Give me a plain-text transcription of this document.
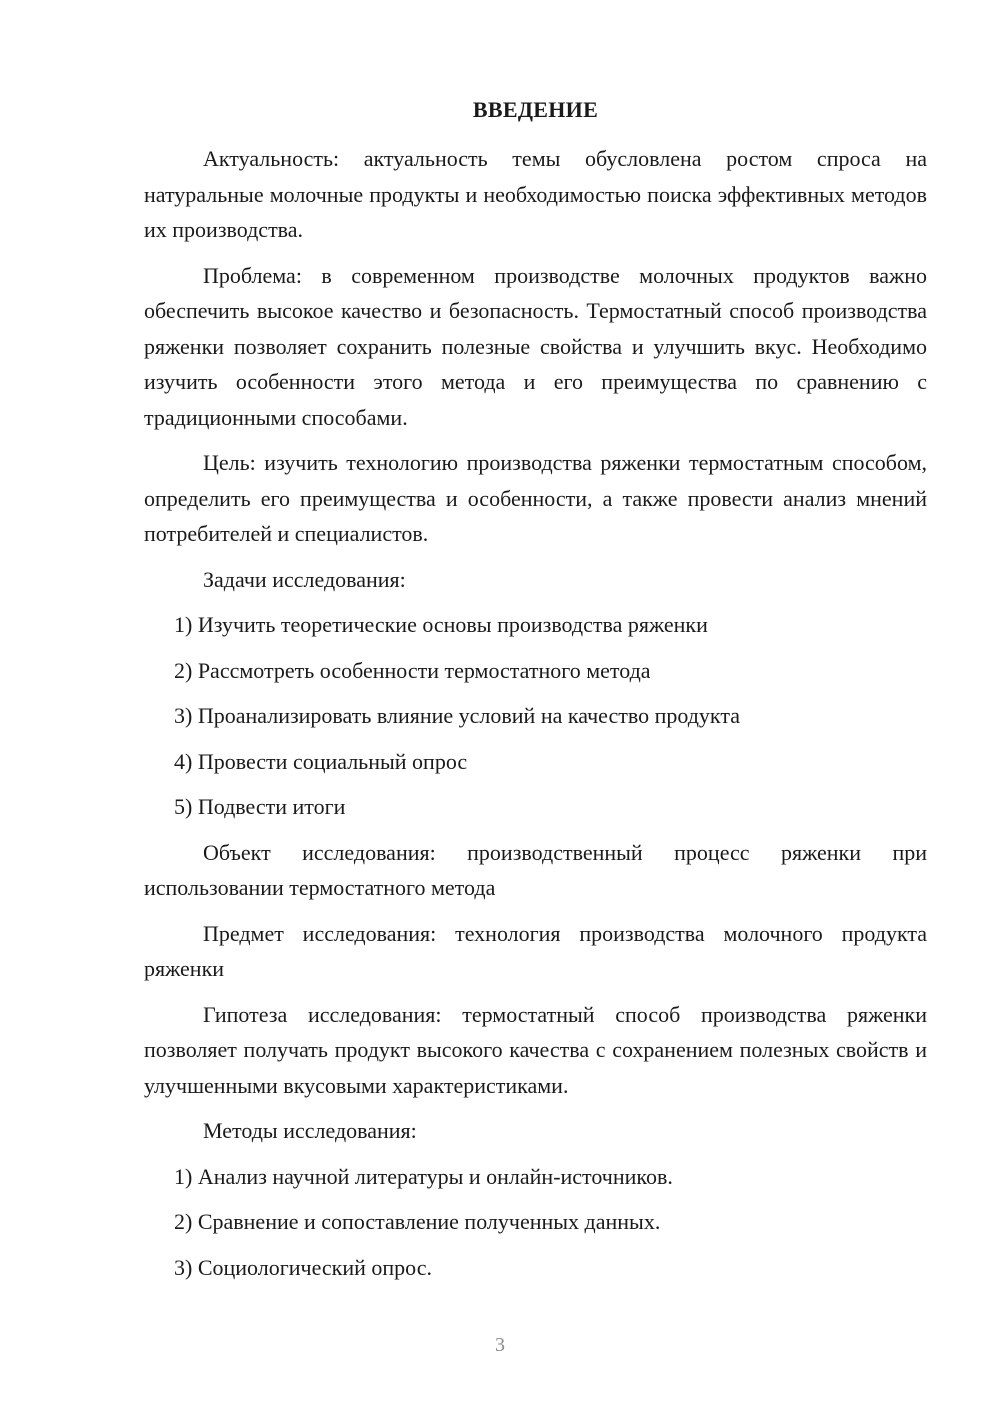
ВВЕДЕНИЕ

Актуальность: актуальность темы обусловлена ростом спроса на натуральные молочные продукты и необходимостью поиска эффективных методов их производства.

Проблема: в современном производстве молочных продуктов важно обеспечить высокое качество и безопасность. Термостатный способ производства ряженки позволяет сохранить полезные свойства и улучшить вкус. Необходимо изучить особенности этого метода и его преимущества по сравнению с традиционными способами.

Цель: изучить технологию производства ряженки термостатным способом, определить его преимущества и особенности, а также провести анализ мнений потребителей и специалистов.

Задачи исследования:

1) Изучить теоретические основы производства ряженки
2) Рассмотреть особенности термостатного метода
3) Проанализировать влияние условий на качество продукта
4) Провести социальный опрос
5) Подвести итоги

Объект исследования: производственный процесс ряженки при использовании термостатного метода

Предмет исследования: технология производства молочного продукта ряженки

Гипотеза исследования: термостатный способ производства ряженки позволяет получать продукт высокого качества с сохранением полезных свойств и улучшенными вкусовыми характеристиками.

Методы исследования:

1) Анализ научной литературы и онлайн-источников.
2) Сравнение и сопоставление полученных данных.
3) Социологический опрос.
3
